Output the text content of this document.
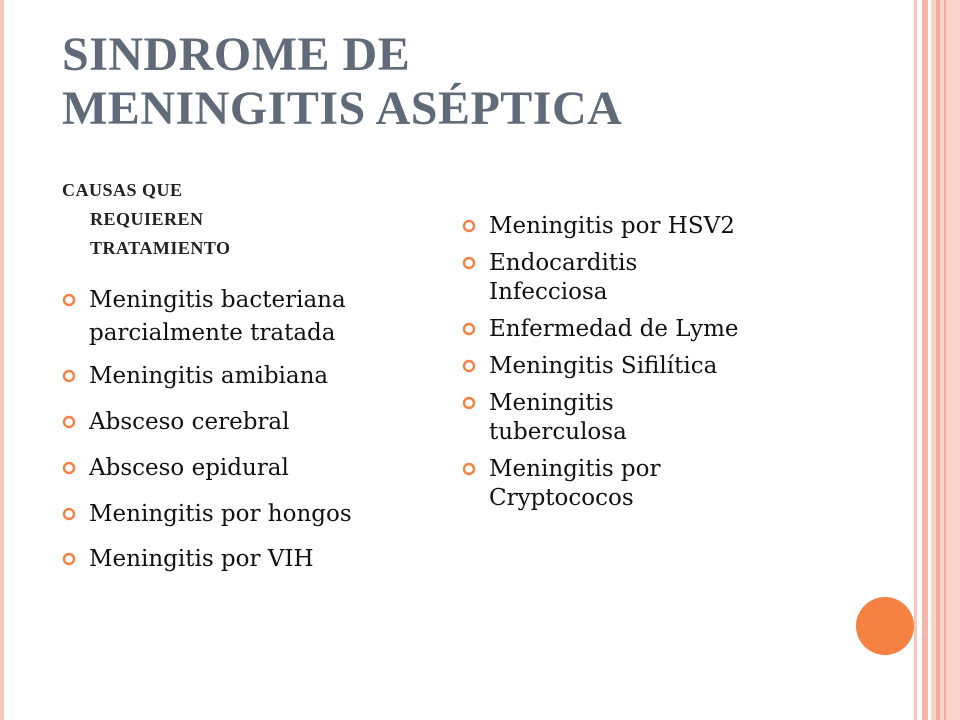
SINDROME DE
MENINGITIS ASÉPTICA

CAUSAS QUE
REQUIEREN
TRATAMIENTO

Meningitis bacteriana
parcialmente tratada
Meningitis amibiana
Absceso cerebral
Absceso epidural
Meningitis por hongos
Meningitis por VIH
Meningitis por HSV2
Endocarditis
Infecciosa
Enfermedad de Lyme
Meningitis Sifilítica
Meningitis
tuberculosa
Meningitis por
Cryptococos
